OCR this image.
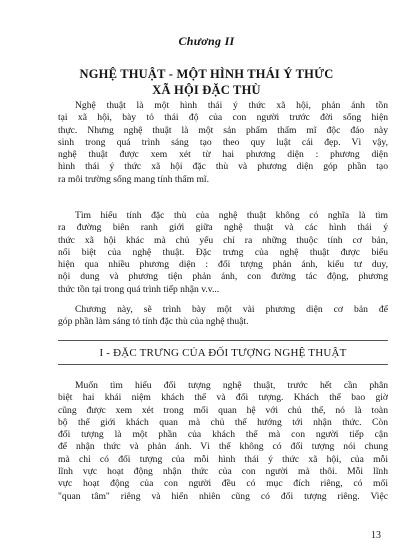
Chương II
NGHỆ THUẬT - MỘT HÌNH THÁI Ý THỨC
XÃ HỘI ĐẶC THÙ
Nghệ thuật là một hình thái ý thức xã hội, phản ánh tồn
tại xã hội, bày tỏ thái độ của con người trước đời sống hiện
thực. Nhưng nghệ thuật là một sản phẩm thẩm mĩ độc đáo này
sinh trong quá trình sáng tạo theo quy luật cái đẹp. Vì vậy,
nghệ thuật được xem xét từ hai phương diện : phương diện
hình thái ý thức xã hội đặc thù và phương diện góp phần tạo
ra môi trường sống mang tính thẩm mĩ.
Tìm hiểu tính đặc thù của nghệ thuật không có nghĩa là tìm
ra đường biên ranh giới giữa nghệ thuật và các hình thái ý
thức xã hội khác mà chủ yếu chỉ ra những thuộc tính cơ bản,
nổi biệt của nghệ thuật. Đặc trưng của nghệ thuật được biểu
hiện qua nhiều phương diện : đối tượng phản ánh, kiểu tư duy,
nội dung và phương tiện phản ánh, con đường tác động, phương
thức tồn tại trong quá trình tiếp nhận v.v...
Chương này, sẽ trình bày một vài phương diện cơ bản để
góp phần làm sáng tỏ tính đặc thù của nghệ thuật.
I - ĐẶC TRƯNG CỦA ĐỐI TƯỢNG NGHỆ THUẬT
Muốn tìm hiểu đối tượng nghệ thuật, trước hết cần phân
biệt hai khái niệm khách thể và đối tượng. Khách thể bao giờ
cũng được xem xét trong mối quan hệ với chủ thể, nó là toàn
bộ thế giới khách quan mà chủ thể hướng tới nhận thức. Còn
đối tượng là một phần của khách thể mà con người tiếp cận
để nhận thức và phản ánh. Vì thế không có đối tượng nói chung
mà chỉ có đối tượng của mỗi hình thái ý thức xã hội, của mỗi
lĩnh vực hoạt động nhận thức của con người mà thôi. Mỗi lĩnh
vực hoạt động của con người đều có mục đích riêng, có mối
"quan tâm" riêng và hiển nhiên cũng có đối tượng riêng. Việc
13
